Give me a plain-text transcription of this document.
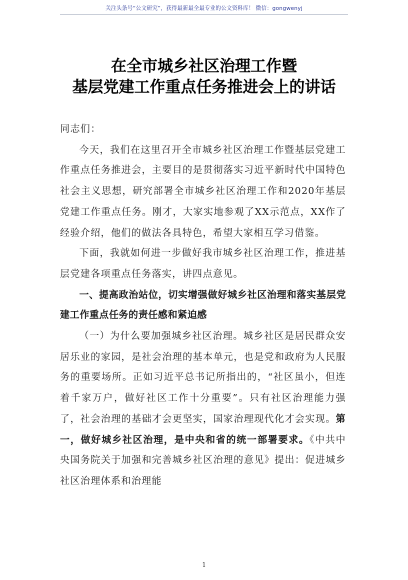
关注头条号“公文研究”，获得最新最全最专业的公文资料库！ 微信：gongwenyj
在全市城乡社区治理工作暨
基层党建工作重点任务推进会上的讲话

同志们：

今天，我们在这里召开全市城乡社区治理工作暨基层党建工作重点任务推进会，主要目的是贯彻落实习近平新时代中国特色社会主义思想，研究部署全市城乡社区治理工作和2020年基层党建工作重点任务。刚才，大家实地参观了XX示范点，XX作了经验介绍，他们的做法各具特色，希望大家相互学习借鉴。

下面，我就如何进一步做好我市城乡社区治理工作，推进基层党建各项重点任务落实，讲四点意见。

一、提高政治站位，切实增强做好城乡社区治理和落实基层党建工作重点任务的责任感和紧迫感

（一）为什么要加强城乡社区治理。城乡社区是居民群众安居乐业的家园，是社会治理的基本单元，也是党和政府为人民服务的重要场所。正如习近平总书记所指出的，“社区虽小，但连着千家万户，做好社区工作十分重要”。只有社区治理能力强了，社会治理的基础才会更坚实，国家治理现代化才会实现。第一，做好城乡社区治理，是中央和省的统一部署要求。《中共中央国务院关于加强和完善城乡社区治理的意见》提出：促进城乡社区治理体系和治理能

1
